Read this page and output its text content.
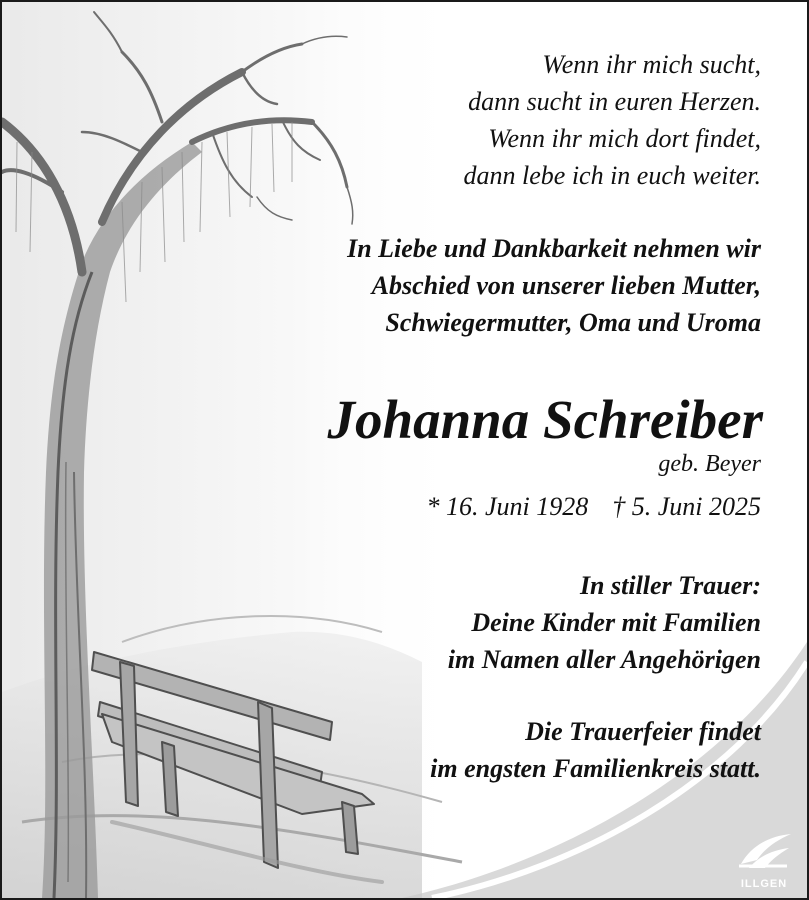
Wenn ihr mich sucht,
dann sucht in euren Herzen.
Wenn ihr mich dort findet,
dann lebe ich in euch weiter.
In Liebe und Dankbarkeit nehmen wir
Abschied von unserer lieben Mutter,
Schwiegermutter, Oma und Uroma
Johanna Schreiber
geb. Beyer
* 16. Juni 1928 † 5. Juni 2025
In stiller Trauer:
Deine Kinder mit Familien
im Namen aller Angehörigen
Die Trauerfeier findet
im engsten Familienkreis statt.
ILLGEN
